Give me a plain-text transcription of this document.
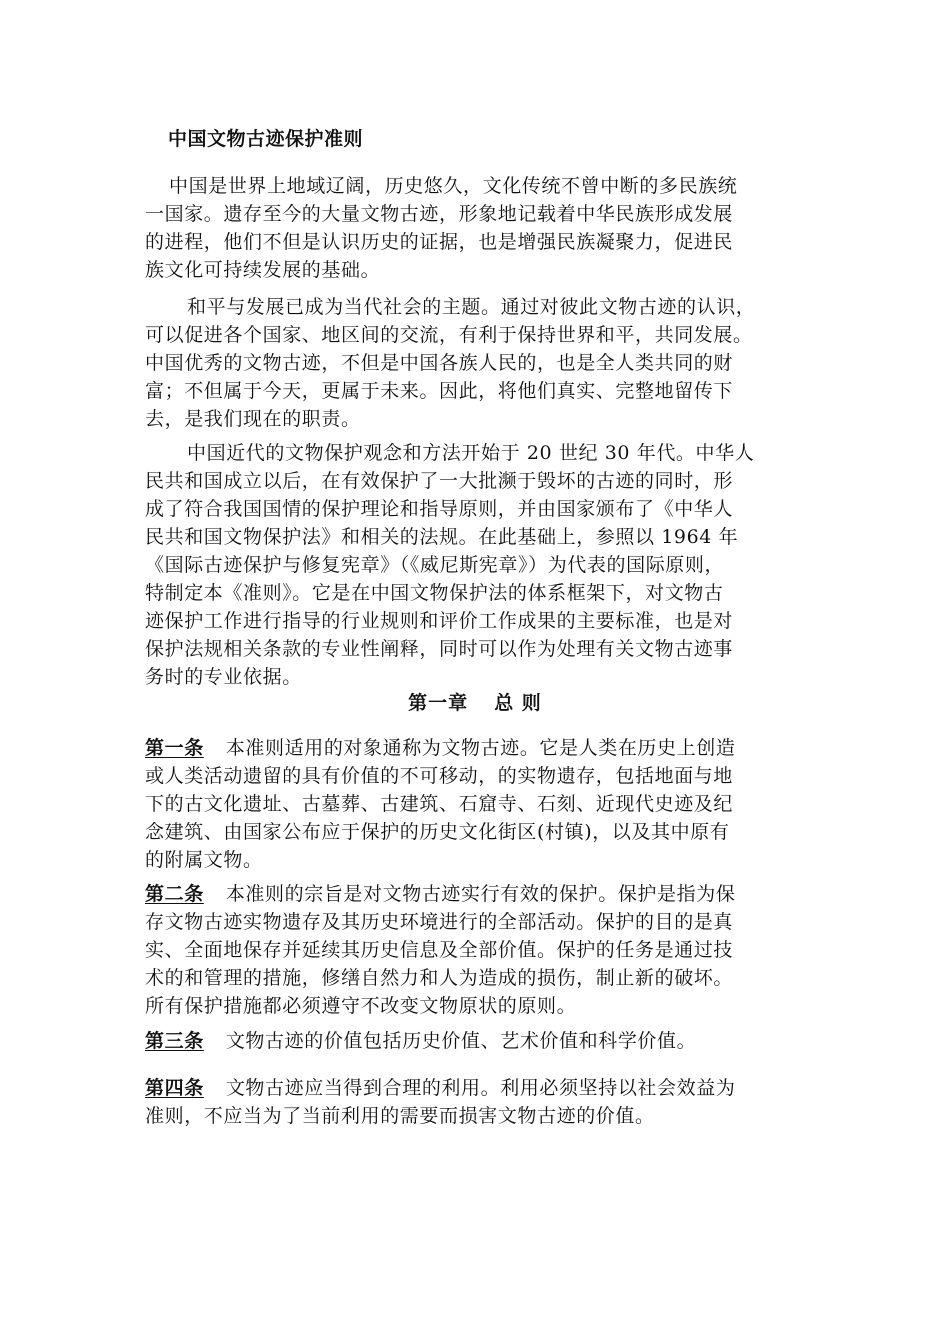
中国文物古迹保护准则
中国是世界上地域辽阔，历史悠久，文化传统不曾中断的多民族统
一国家。遗存至今的大量文物古迹，形象地记载着中华民族形成发展
的进程，他们不但是认识历史的证据，也是增强民族凝聚力，促进民
族文化可持续发展的基础。
和平与发展已成为当代社会的主题。通过对彼此文物古迹的认识，
可以促进各个国家、地区间的交流，有利于保持世界和平，共同发展。
中国优秀的文物古迹，不但是中国各族人民的，也是全人类共同的财
富；不但属于今天，更属于未来。因此，将他们真实、完整地留传下
去，是我们现在的职责。
中国近代的文物保护观念和方法开始于 20 世纪 30 年代。中华人
民共和国成立以后，在有效保护了一大批濒于毁坏的古迹的同时，形
成了符合我国国情的保护理论和指导原则，并由国家颁布了《中华人
民共和国文物保护法》和相关的法规。在此基础上，参照以 1964 年
《国际古迹保护与修复宪章》（《威尼斯宪章》）为代表的国际原则，
特制定本《准则》。它是在中国文物保护法的体系框架下，对文物古
迹保护工作进行指导的行业规则和评价工作成果的主要标准，也是对
保护法规相关条款的专业性阐释，同时可以作为处理有关文物古迹事
务时的专业依据。
第一章 总 则
第一条 本准则适用的对象通称为文物古迹。它是人类在历史上创造
或人类活动遗留的具有价值的不可移动，的实物遗存，包括地面与地
下的古文化遗址、古墓葬、古建筑、石窟寺、石刻、近现代史迹及纪
念建筑、由国家公布应于保护的历史文化街区(村镇)，以及其中原有
的附属文物。
第二条 本准则的宗旨是对文物古迹实行有效的保护。保护是指为保
存文物古迹实物遗存及其历史环境进行的全部活动。保护的目的是真
实、全面地保存并延续其历史信息及全部价值。保护的任务是通过技
术的和管理的措施，修缮自然力和人为造成的损伤，制止新的破坏。
所有保护措施都必须遵守不改变文物原状的原则。
第三条 文物古迹的价值包括历史价值、艺术价值和科学价值。
第四条 文物古迹应当得到合理的利用。利用必须坚持以社会效益为
准则，不应当为了当前利用的需要而损害文物古迹的价值。
